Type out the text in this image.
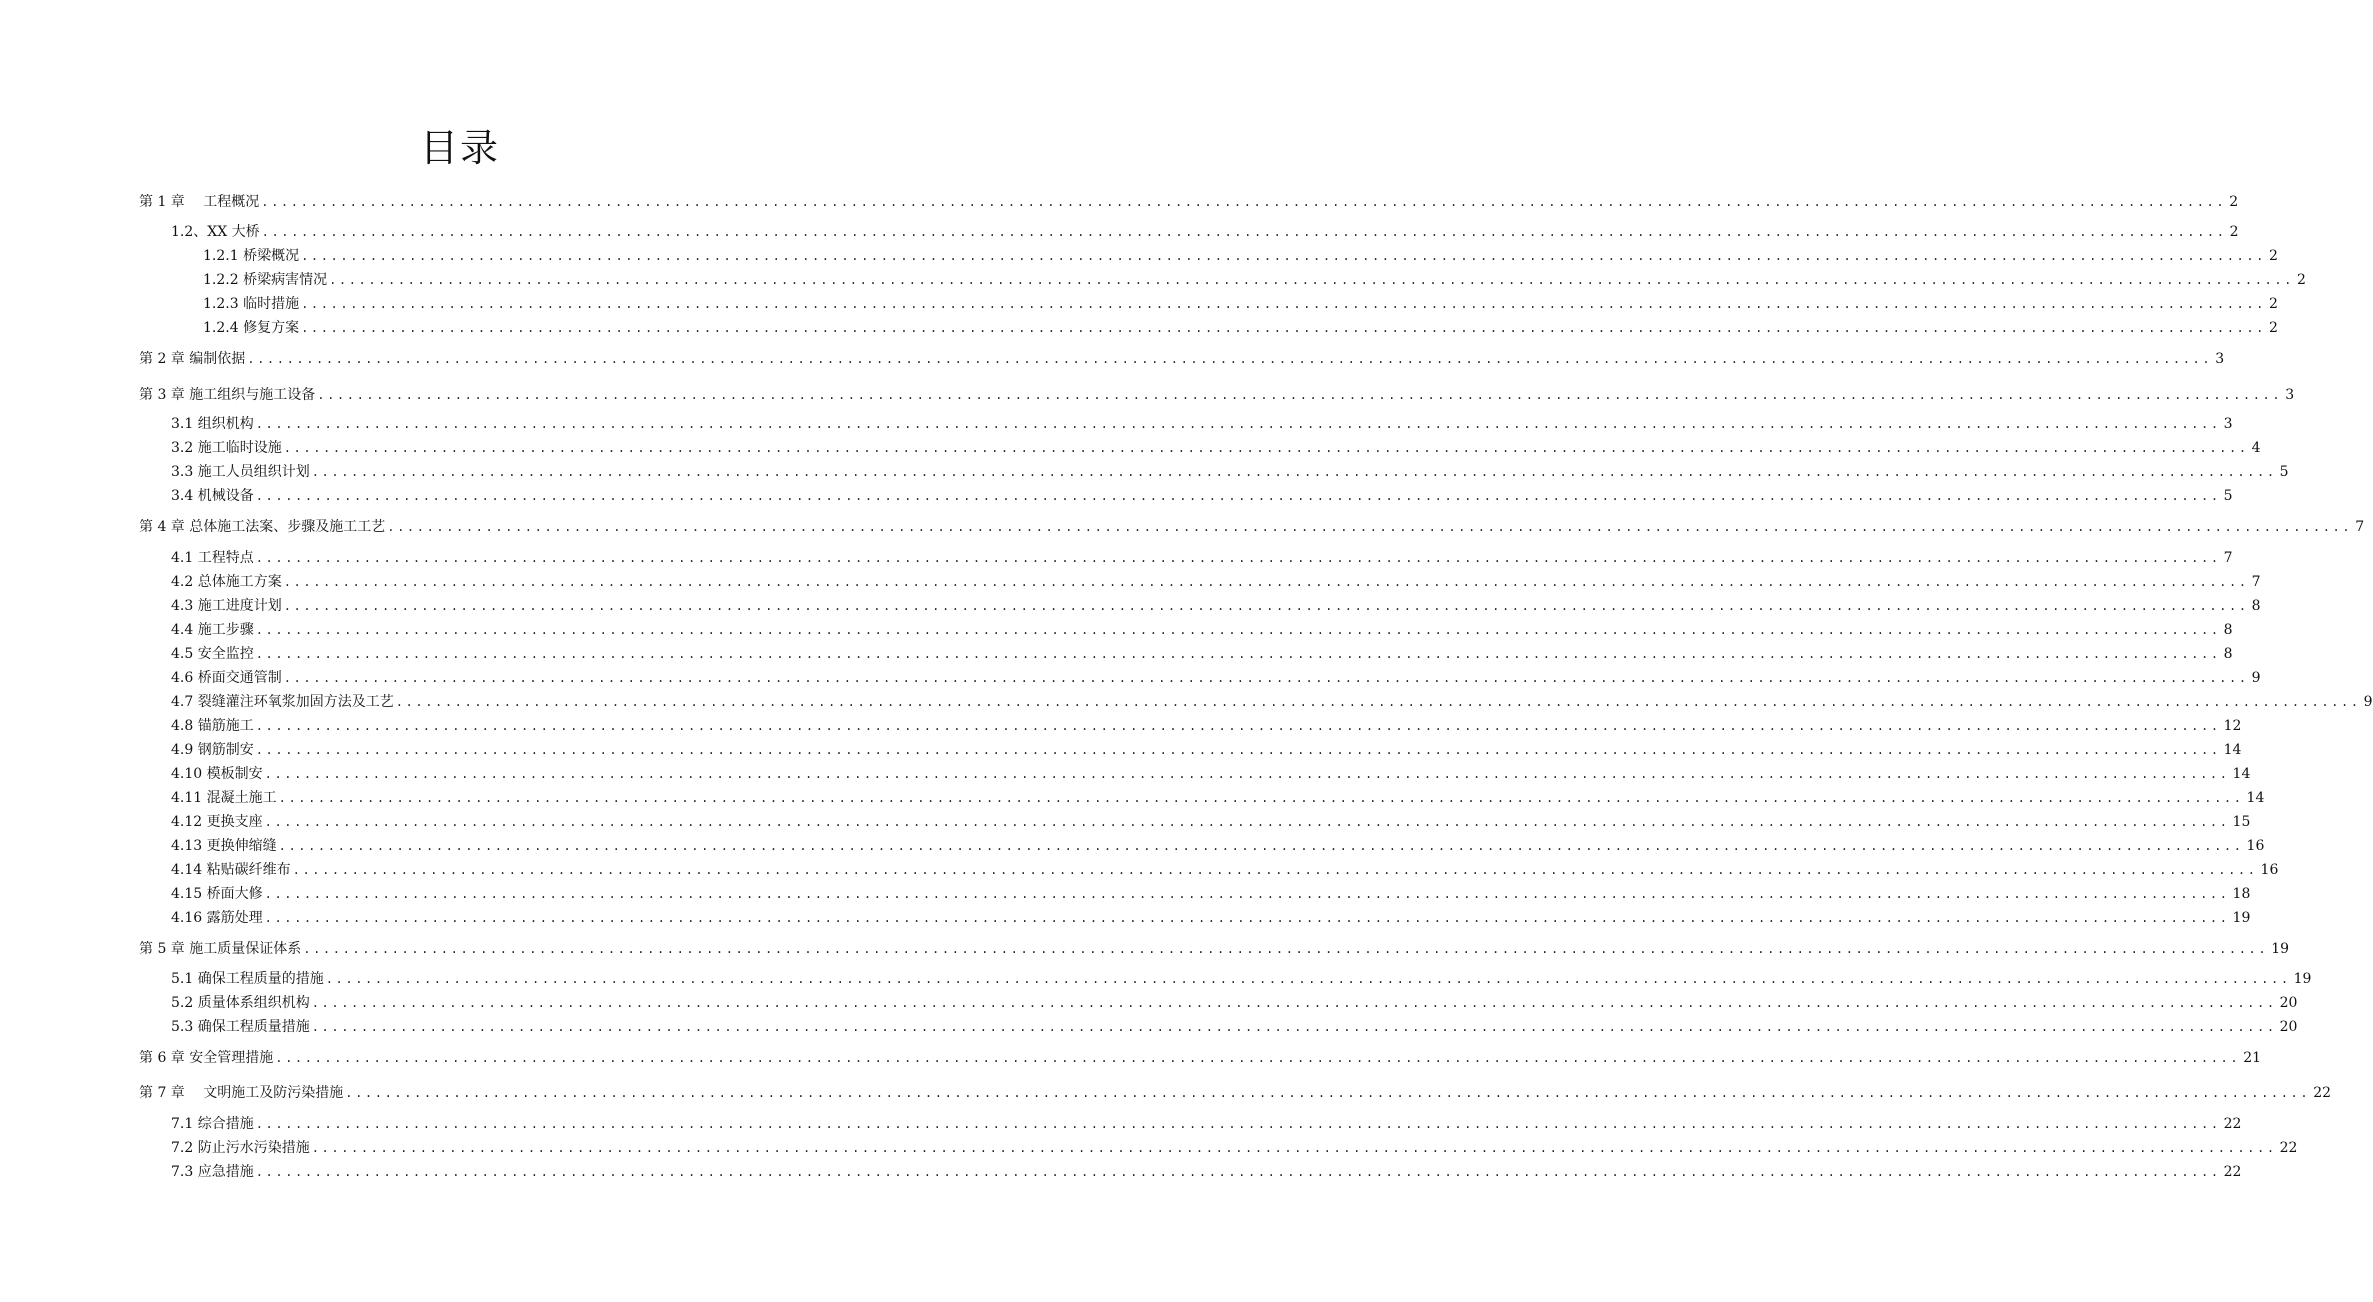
目录
第 1 章　 工程概况 ........................................................................................................................................................................................................ 2
1.2、XX 大桥 ........................................................................................................................................................................................................ 2
1.2.1 桥梁概况 ........................................................................................................................................................................................................ 2
1.2.2 桥梁病害情况 ........................................................................................................................................................................................................ 2
1.2.3 临时措施 ........................................................................................................................................................................................................ 2
1.2.4 修复方案 ........................................................................................................................................................................................................ 2
第 2 章 编制依据 ........................................................................................................................................................................................................ 3
第 3 章 施工组织与施工设备 ........................................................................................................................................................................................................ 3
3.1 组织机构 ........................................................................................................................................................................................................ 3
3.2 施工临时设施 ........................................................................................................................................................................................................ 4
3.3 施工人员组织计划 ........................................................................................................................................................................................................ 5
3.4 机械设备 ........................................................................................................................................................................................................ 5
第 4 章 总体施工法案、步骤及施工工艺 ........................................................................................................................................................................................................ 7
4.1 工程特点 ........................................................................................................................................................................................................ 7
4.2 总体施工方案 ........................................................................................................................................................................................................ 7
4.3 施工进度计划 ........................................................................................................................................................................................................ 8
4.4 施工步骤 ........................................................................................................................................................................................................ 8
4.5 安全监控 ........................................................................................................................................................................................................ 8
4.6 桥面交通管制 ........................................................................................................................................................................................................ 9
4.7 裂缝灌注环氧浆加固方法及工艺 ........................................................................................................................................................................................................ 9
4.8 锚筋施工 ........................................................................................................................................................................................................ 12
4.9 钢筋制安 ........................................................................................................................................................................................................ 14
4.10 模板制安 ........................................................................................................................................................................................................ 14
4.11 混凝土施工 ........................................................................................................................................................................................................ 14
4.12 更换支座 ........................................................................................................................................................................................................ 15
4.13 更换伸缩缝 ........................................................................................................................................................................................................ 16
4.14 粘贴碳纤维布 ........................................................................................................................................................................................................ 16
4.15 桥面大修 ........................................................................................................................................................................................................ 18
4.16 露筋处理 ........................................................................................................................................................................................................ 19
第 5 章 施工质量保证体系 ........................................................................................................................................................................................................ 19
5.1 确保工程质量的措施 ........................................................................................................................................................................................................ 19
5.2 质量体系组织机构 ........................................................................................................................................................................................................ 20
5.3 确保工程质量措施 ........................................................................................................................................................................................................ 20
第 6 章 安全管理措施 ........................................................................................................................................................................................................ 21
第 7 章　 文明施工及防污染措施 ........................................................................................................................................................................................................ 22
7.1 综合措施 ........................................................................................................................................................................................................ 22
7.2 防止污水污染措施 ........................................................................................................................................................................................................ 22
7.3 应急措施 ........................................................................................................................................................................................................ 22
